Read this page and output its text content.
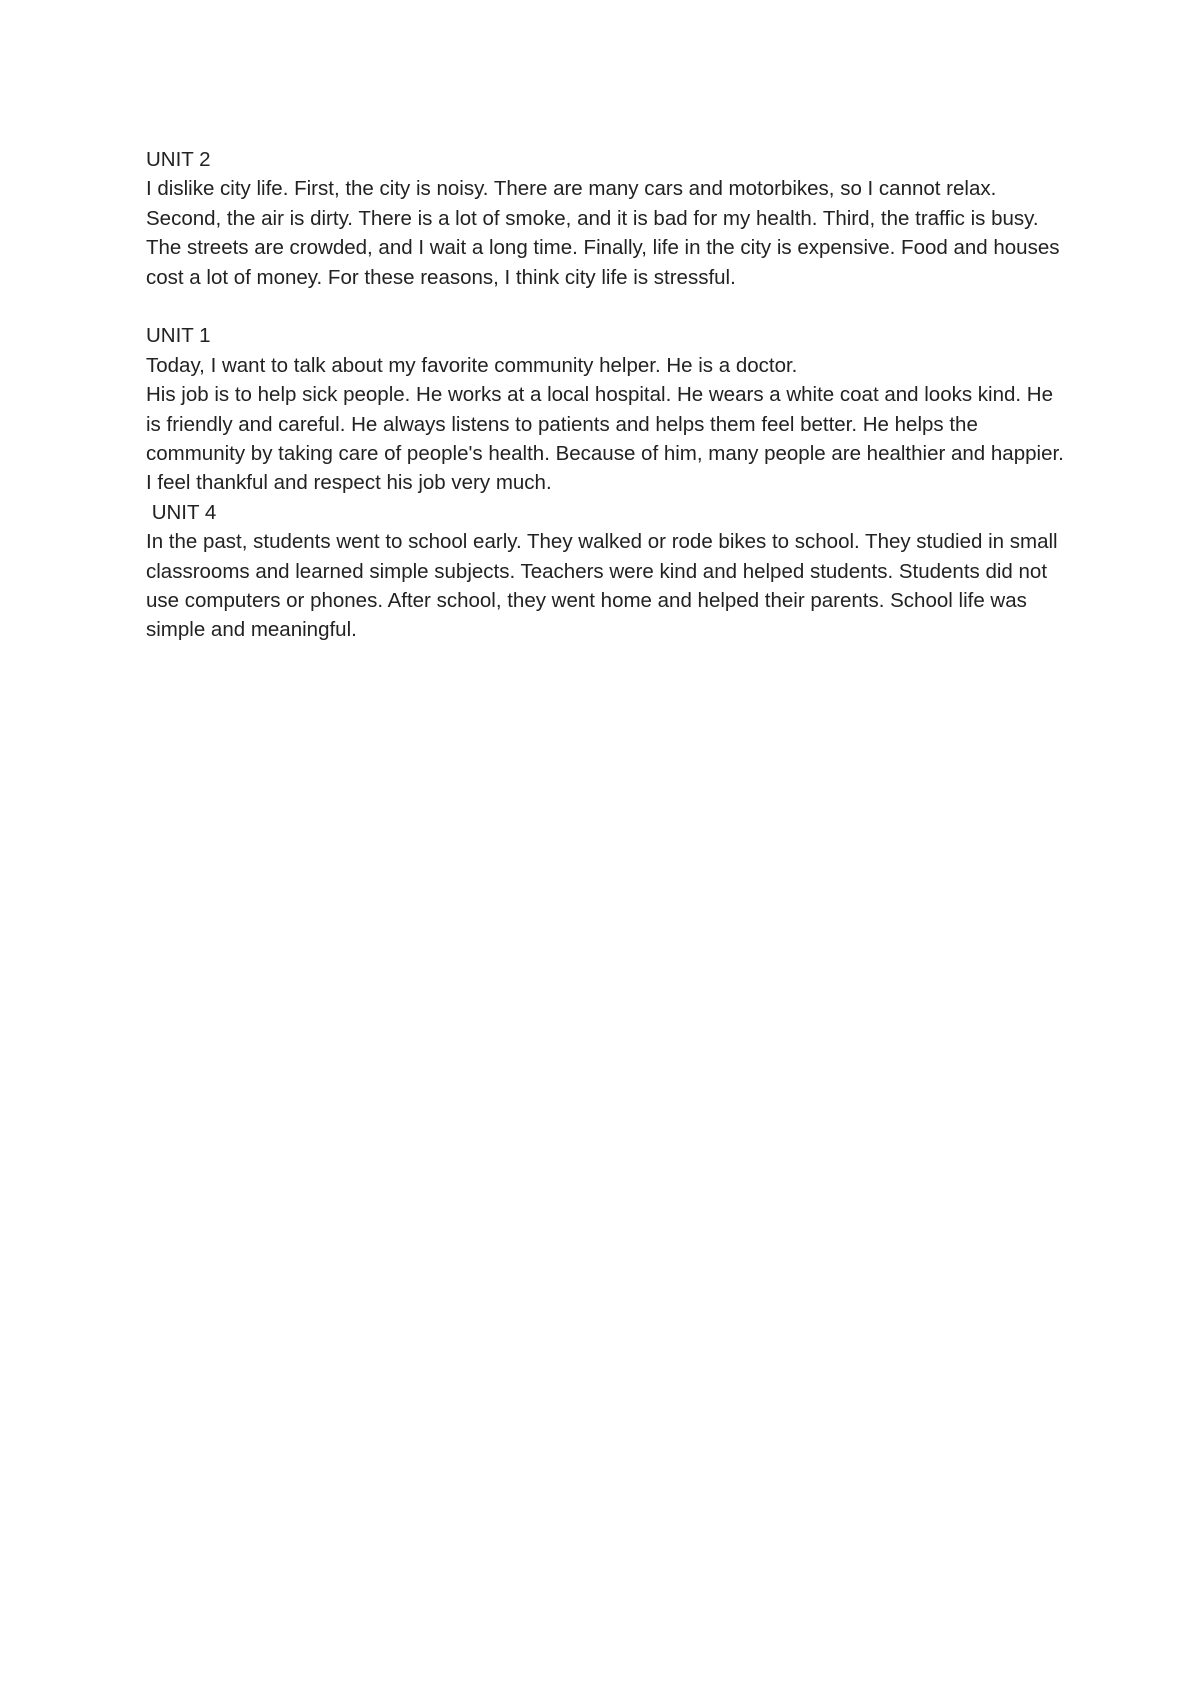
UNIT 2

I dislike city life. First, the city is noisy. There are many cars and motorbikes, so I cannot relax. Second, the air is dirty. There is a lot of smoke, and it is bad for my health. Third, the traffic is busy. The streets are crowded, and I wait a long time. Finally, life in the city is expensive. Food and houses cost a lot of money. For these reasons, I think city life is stressful.

UNIT 1

Today, I want to talk about my favorite community helper. He is a doctor.

His job is to help sick people. He works at a local hospital. He wears a white coat and looks kind. He is friendly and careful. He always listens to patients and helps them feel better. He helps the community by taking care of people's health. Because of him, many people are healthier and happier. I feel thankful and respect his job very much.

UNIT 4

In the past, students went to school early. They walked or rode bikes to school. They studied in small classrooms and learned simple subjects. Teachers were kind and helped students. Students did not use computers or phones. After school, they went home and helped their parents. School life was simple and meaningful.
